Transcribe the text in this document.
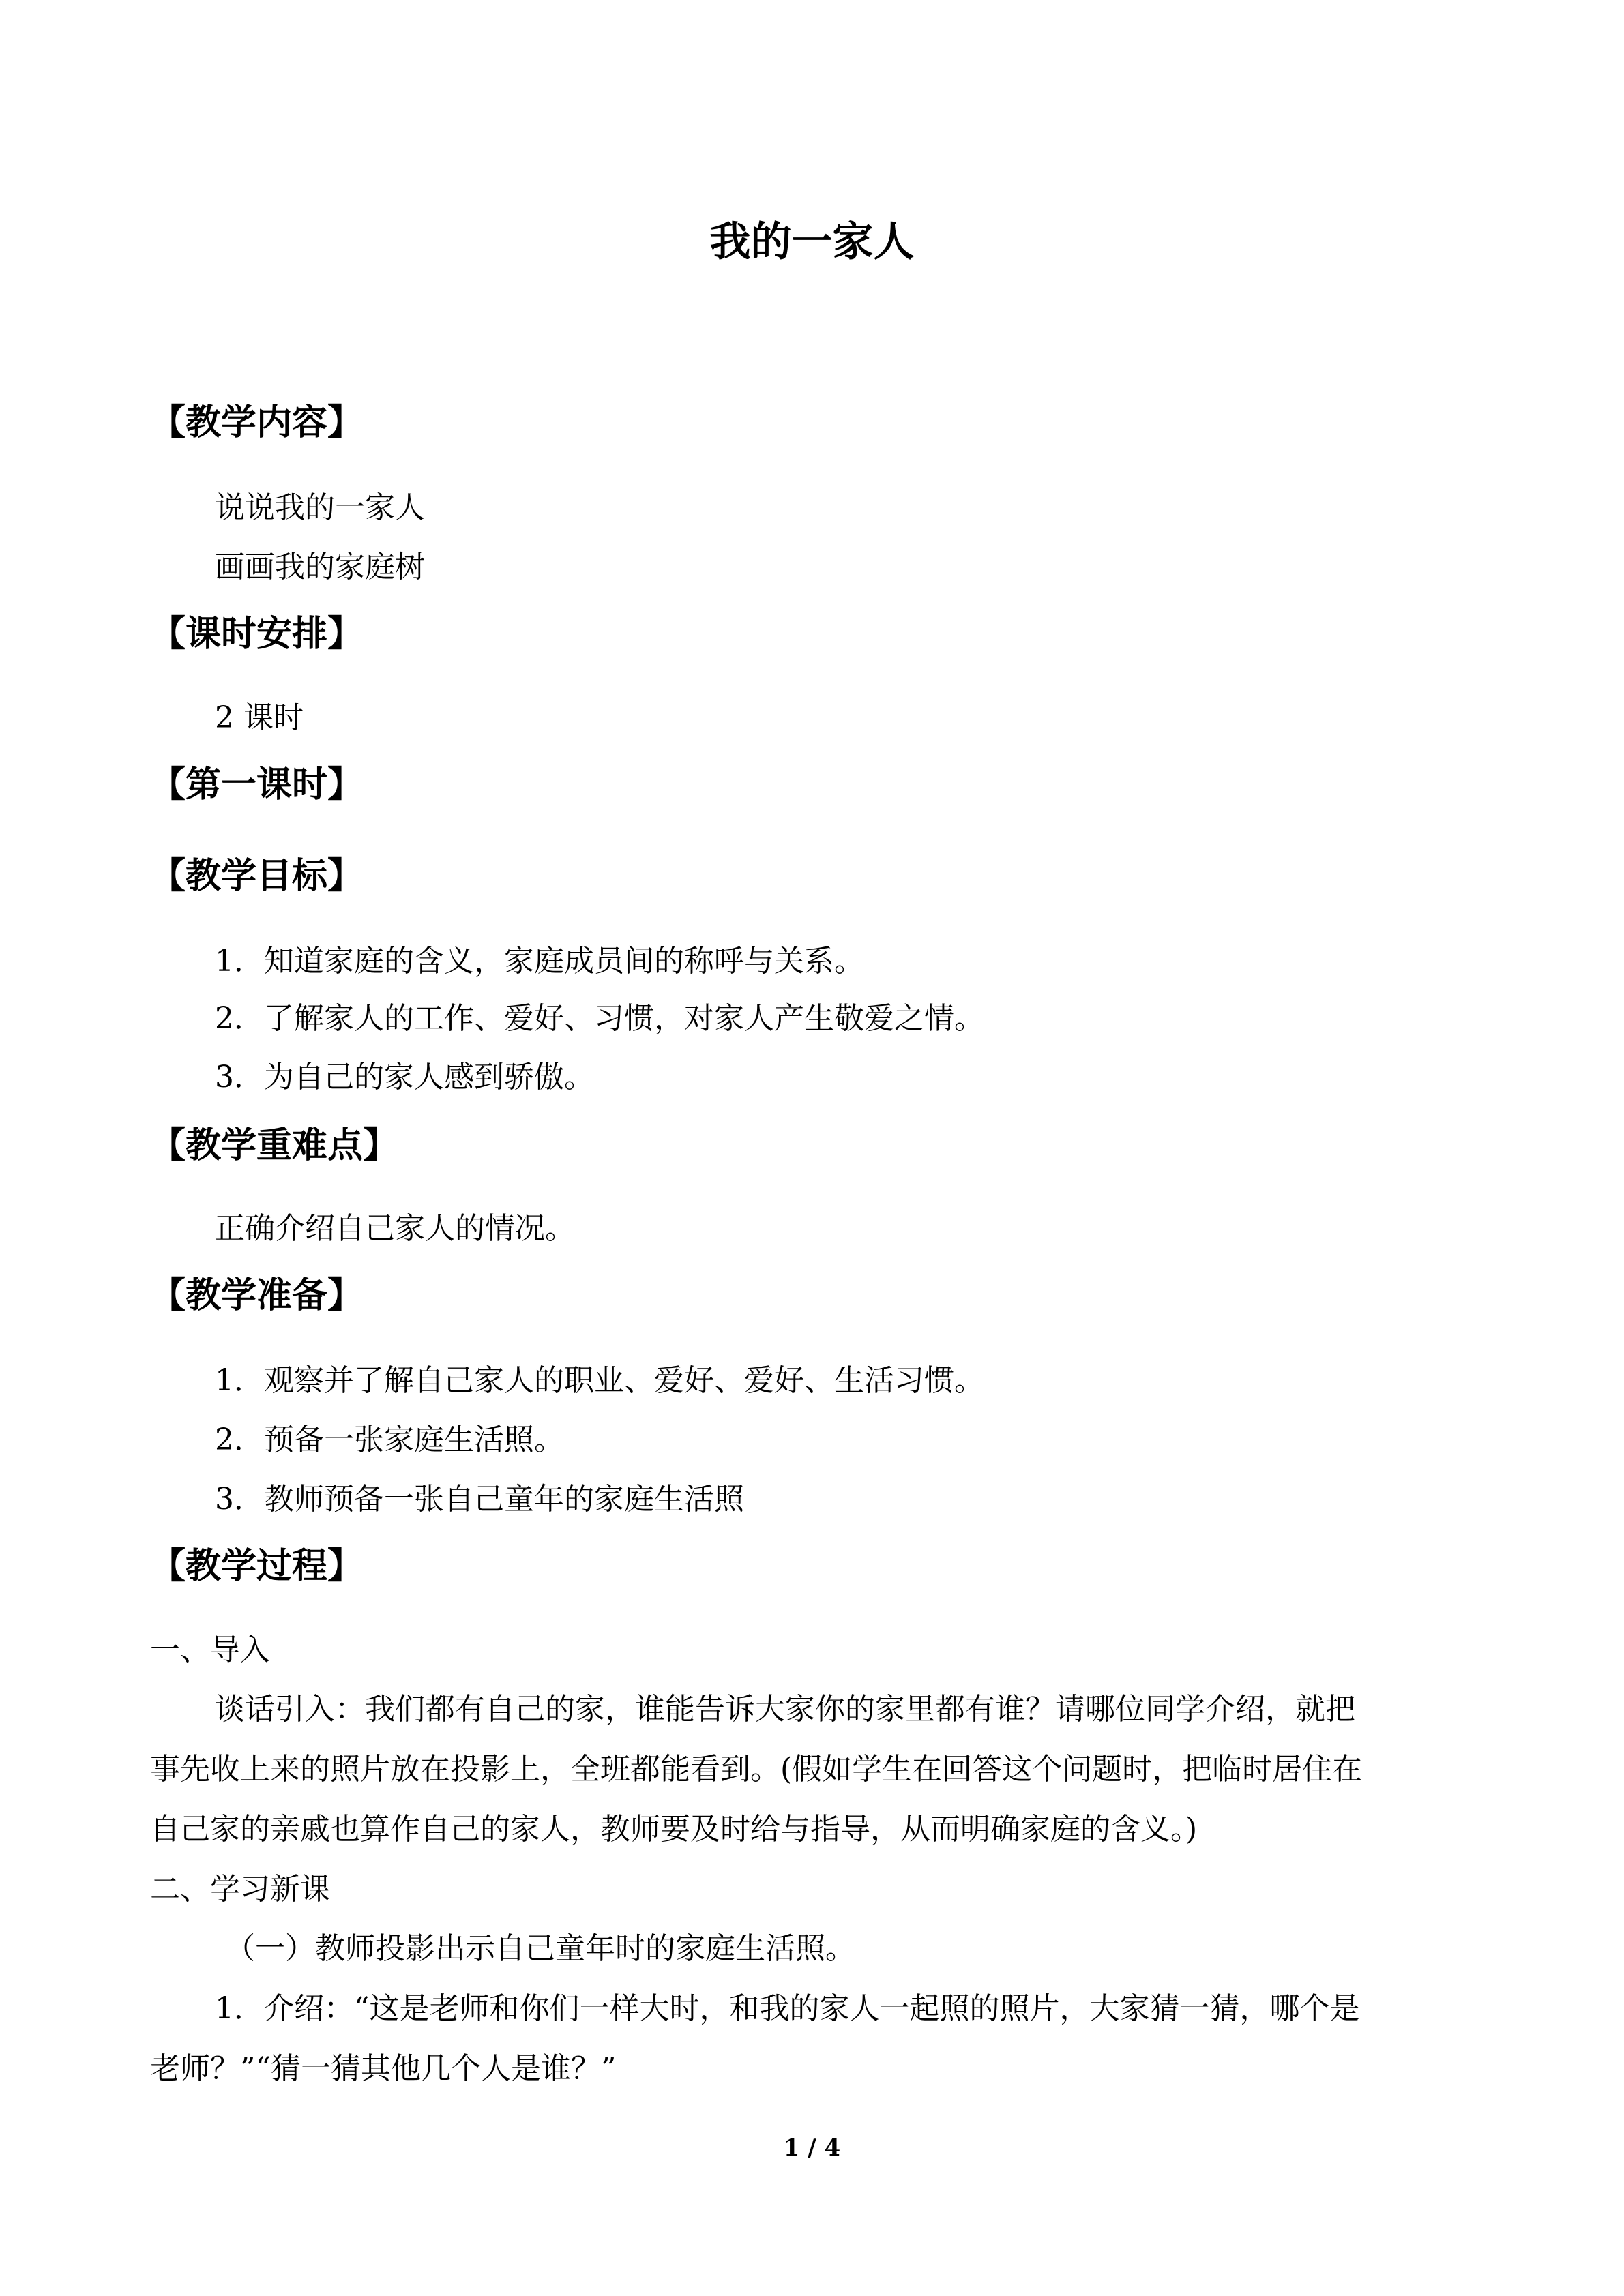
我的一家人
【教学内容】
说说我的一家人
画画我的家庭树
【课时安排】
2 课时
【第一课时】
【教学目标】
1．知道家庭的含义，家庭成员间的称呼与关系。
2．了解家人的工作、爱好、习惯，对家人产生敬爱之情。
3．为自己的家人感到骄傲。
【教学重难点】
正确介绍自己家人的情况。
【教学准备】
1．观察并了解自己家人的职业、爱好、爱好、生活习惯。
2．预备一张家庭生活照。
3．教师预备一张自己童年的家庭生活照
【教学过程】
一、导入
谈话引入：我们都有自己的家，谁能告诉大家你的家里都有谁？请哪位同学介绍，就把
事先收上来的照片放在投影上，全班都能看到。(假如学生在回答这个问题时，把临时居住在
自己家的亲戚也算作自己的家人，教师要及时给与指导，从而明确家庭的含义。)
二、学习新课
（一）教师投影出示自己童年时的家庭生活照。
1．介绍：“这是老师和你们一样大时，和我的家人一起照的照片，大家猜一猜，哪个是
老师？”“猜一猜其他几个人是谁？”
1 / 4
